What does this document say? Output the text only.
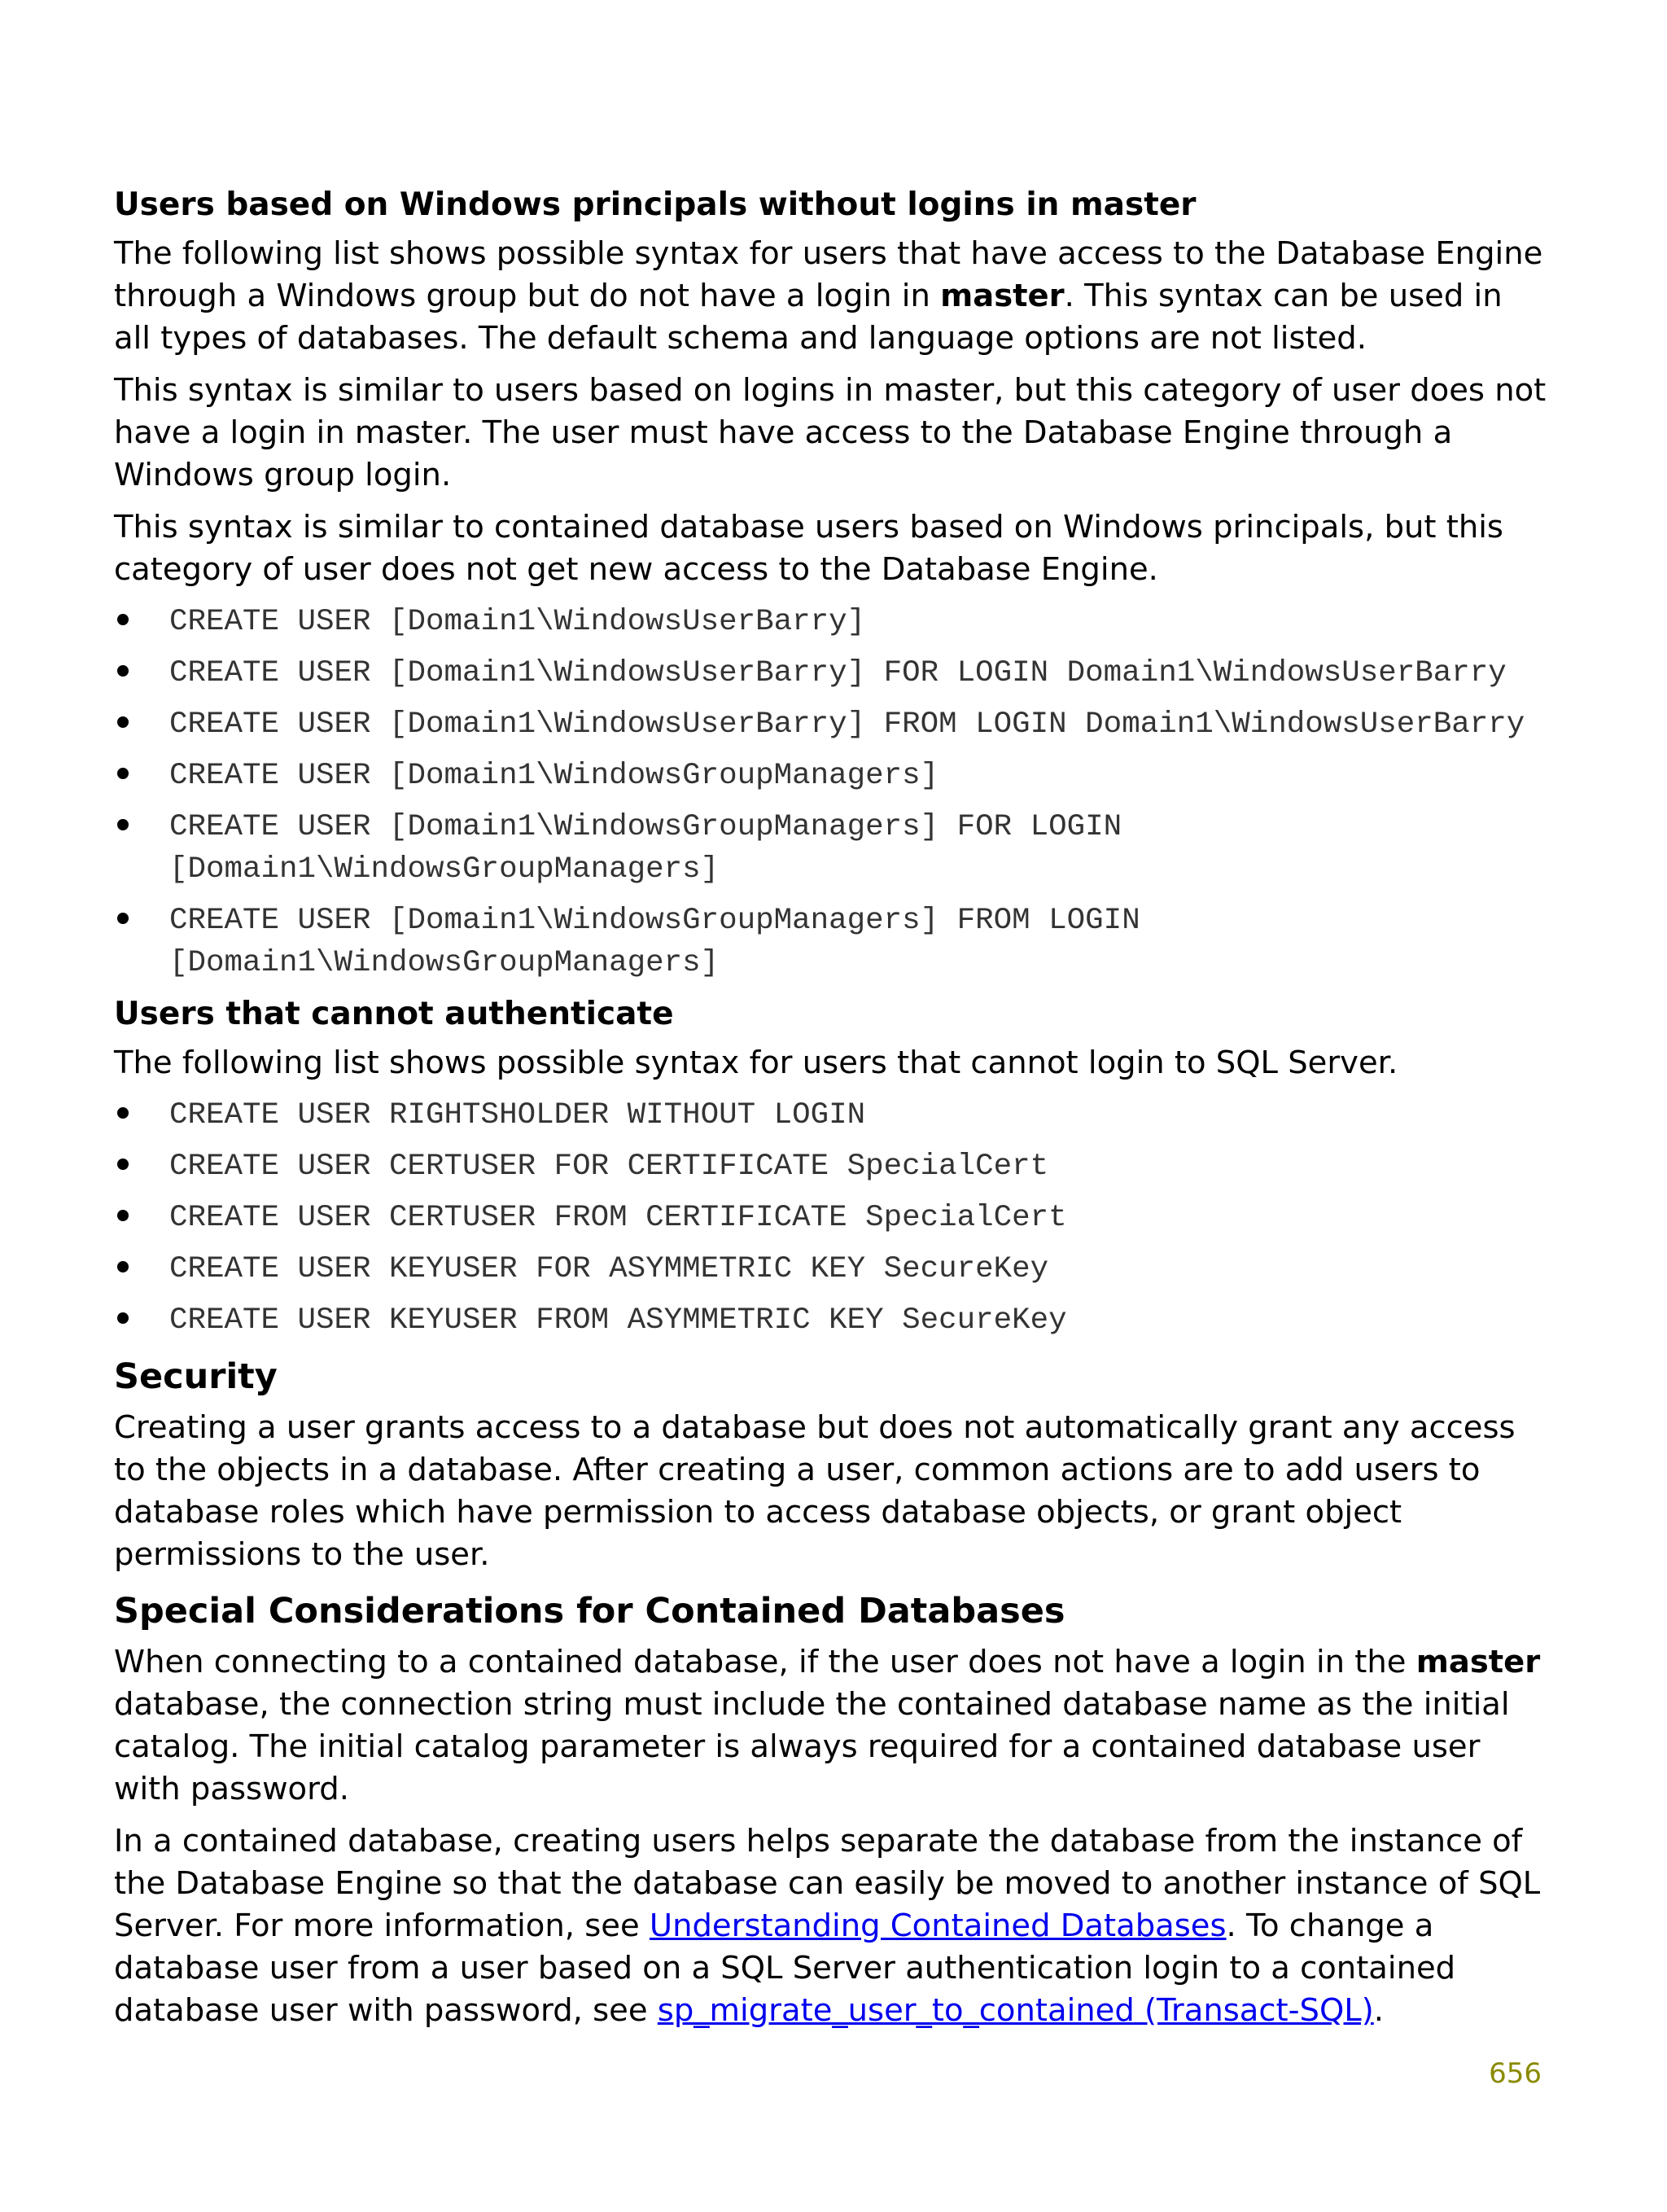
Users based on Windows principals without logins in master

The following list shows possible syntax for users that have access to the Database Engine through a Windows group but do not have a login in master. This syntax can be used in all types of databases. The default schema and language options are not listed.

This syntax is similar to users based on logins in master, but this category of user does not have a login in master. The user must have access to the Database Engine through a Windows group login.

This syntax is similar to contained database users based on Windows principals, but this category of user does not get new access to the Database Engine.

CREATE USER [Domain1\WindowsUserBarry]
CREATE USER [Domain1\WindowsUserBarry] FOR LOGIN Domain1\WindowsUserBarry
CREATE USER [Domain1\WindowsUserBarry] FROM LOGIN Domain1\WindowsUserBarry
CREATE USER [Domain1\WindowsGroupManagers]
CREATE USER [Domain1\WindowsGroupManagers] FOR LOGIN [Domain1\WindowsGroupManagers]
CREATE USER [Domain1\WindowsGroupManagers] FROM LOGIN [Domain1\WindowsGroupManagers]
Users that cannot authenticate

The following list shows possible syntax for users that cannot login to SQL Server.

CREATE USER RIGHTSHOLDER WITHOUT LOGIN
CREATE USER CERTUSER FOR CERTIFICATE SpecialCert
CREATE USER CERTUSER FROM CERTIFICATE SpecialCert
CREATE USER KEYUSER FOR ASYMMETRIC KEY SecureKey
CREATE USER KEYUSER FROM ASYMMETRIC KEY SecureKey
Security

Creating a user grants access to a database but does not automatically grant any access to the objects in a database. After creating a user, common actions are to add users to database roles which have permission to access database objects, or grant object permissions to the user.

Special Considerations for Contained Databases

When connecting to a contained database, if the user does not have a login in the master database, the connection string must include the contained database name as the initial catalog. The initial catalog parameter is always required for a contained database user with password.

In a contained database, creating users helps separate the database from the instance of the Database Engine so that the database can easily be moved to another instance of SQL Server. For more information, see Understanding Contained Databases. To change a database user from a user based on a SQL Server authentication login to a contained database user with password, see sp_migrate_user_to_contained (Transact-SQL).

656
